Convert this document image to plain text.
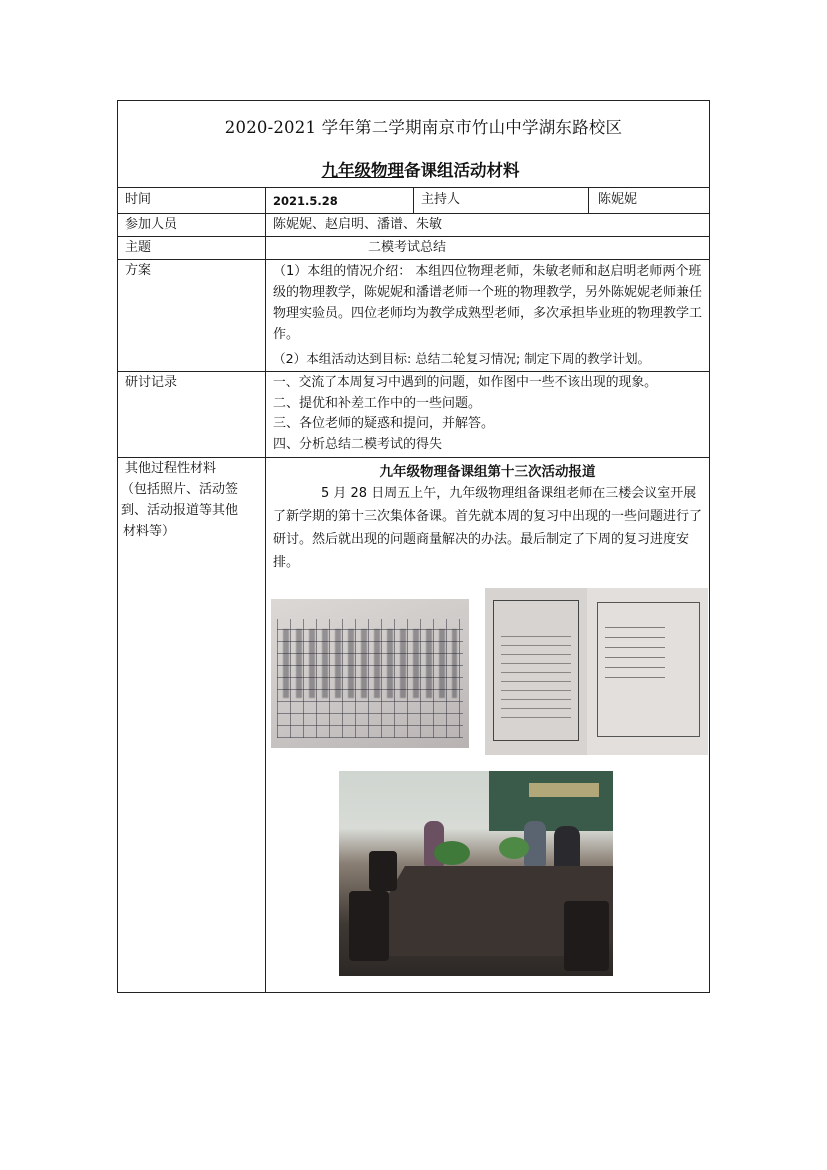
2020-2021 学年第二学期南京市竹山中学湖东路校区
九年级物理备课组活动材料
时间	2021.5.28	主持人	陈妮妮
参加人员	陈妮妮、赵启明、潘谱、朱敏
主题	二模考试总结
方案	（1）本组的情况介绍： 本组四位物理老师，朱敏老师和赵启明老师两个班级的物理教学，陈妮妮和潘谱老师一个班的物理教学，另外陈妮妮老师兼任物理实验员。四位老师均为教学成熟型老师，多次承担毕业班的物理教学工作。
（2）本组活动达到目标: 总结二轮复习情况; 制定下周的教学计划。
研讨记录	一、交流了本周复习中遇到的问题，如作图中一些不该出现的现象。
二、提优和补差工作中的一些问题。
三、各位老师的疑惑和提问，并解答。
四、分析总结二模考试的得失
其他过程性材料
（包括照片、活动签
到、活动报道等其他
材料等）
九年级物理备课组第十三次活动报道
5 月 28 日周五上午，九年级物理组备课组老师在三楼会议室开展了新学期的第十三次集体备课。首先就本周的复习中出现的一些问题进行了研讨。然后就出现的问题商量解决的办法。最后制定了下周的复习进度安排。
